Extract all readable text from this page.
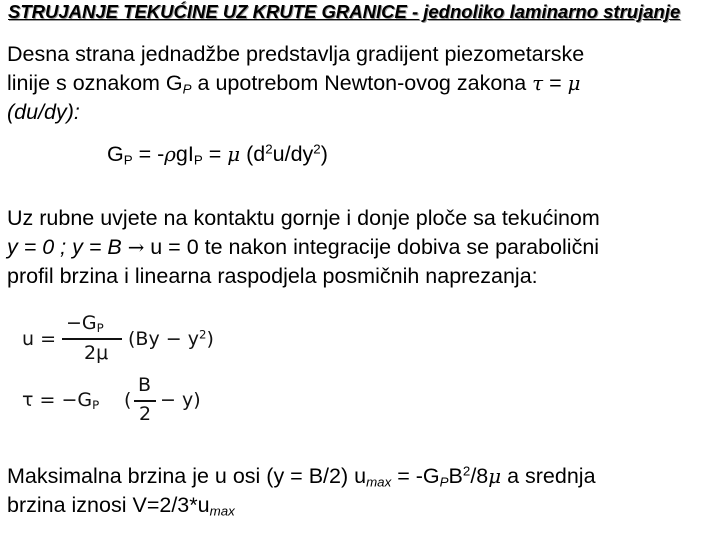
STRUJANJE TEKUĆINE UZ KRUTE GRANICE - jednoliko laminarno strujanje
Desna strana jednadžbe predstavlja gradijent piezometarske
linije s oznakom $G_P$ a upotrebom Newton-ovog zakona τ = μ
(du/dy):
$G_P = -\rho gI_P = \mu$ $(d^2u/dy^2)$
Uz rubne uvjete na kontaktu gornje i donje ploče sa tekućinom
y = 0 ; y = B → u = 0 te nakon integracije dobiva se parabolični
profil brzina i linearna raspodjela posmičnih naprezanja:
u =
$-G_P$
2μ
$(By - y^2)$
$\tau = -G_P$ (
B
2
− y)
Maksimalna brzina je u osi (y = B/2) $u_{max} = -G_PB^2/8\mu$ a srednja
brzina iznosi $V=2/3*u_{max}$
